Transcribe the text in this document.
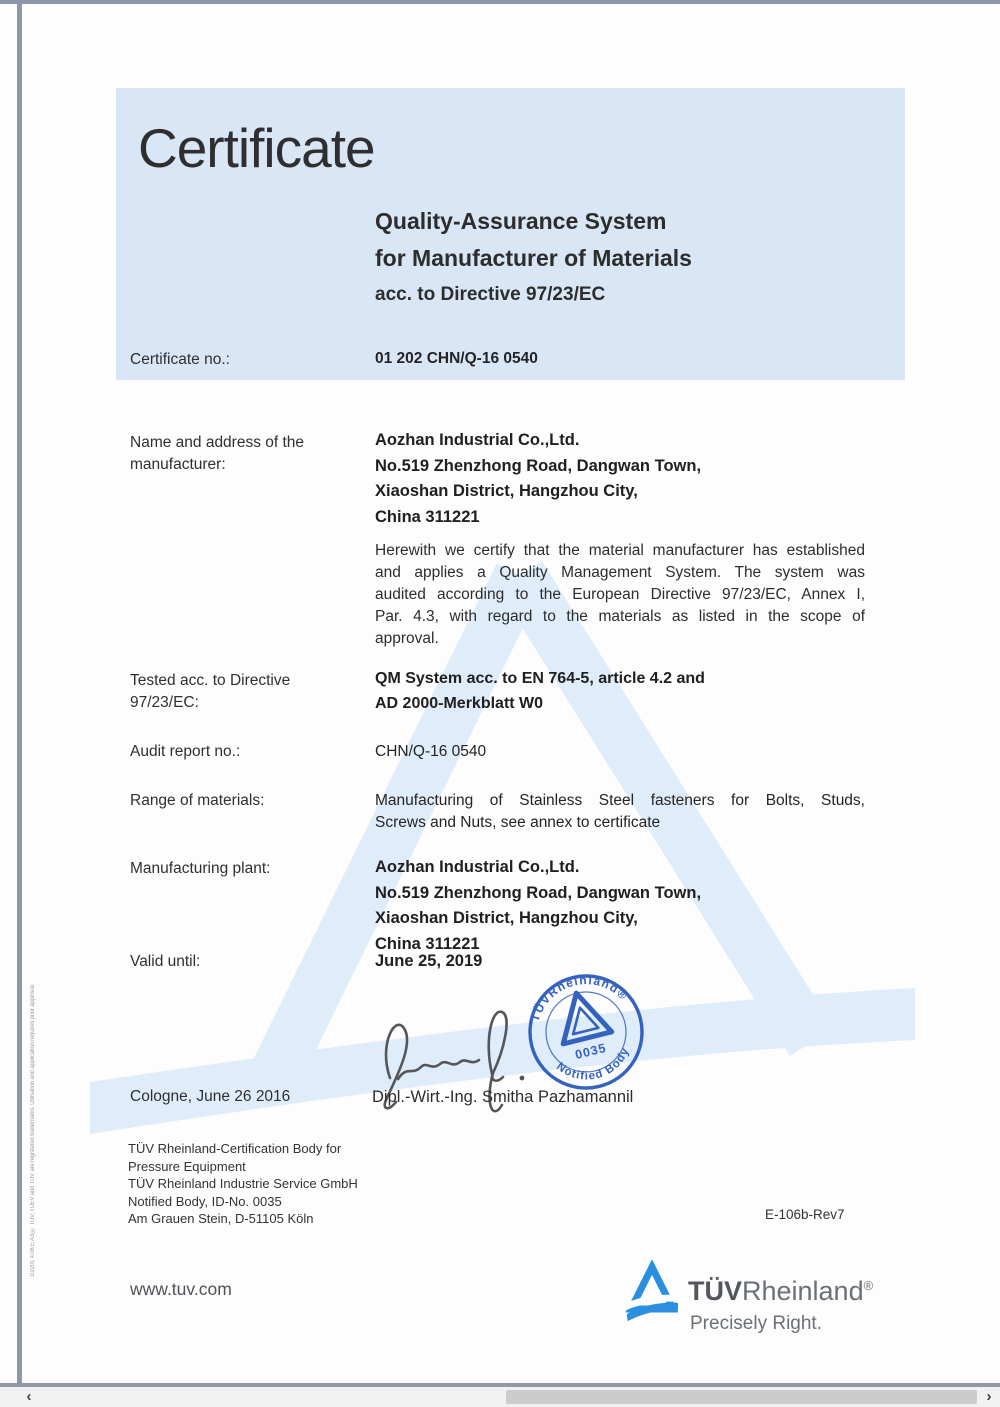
Certificate
Quality-Assurance System
for Manufacturer of Materials
acc. to Directive 97/23/EC
Certificate no.:	01 202 CHN/Q-16 0540
Name and address of the
manufacturer:
Aozhan Industrial Co.,Ltd.
No.519 Zhenzhong Road, Dangwan Town,
Xiaoshan District, Hangzhou City,
China 311221
Herewith we certify that the material manufacturer has established
and applies a Quality Management System. The system was
audited according to the European Directive 97/23/EC, Annex I,
Par. 4.3, with regard to the materials as listed in the scope of
approval.
Tested acc. to Directive
97/23/EC:
QM System acc. to EN 764-5, article 4.2 and
AD 2000-Merkblatt W0
Audit report no.:	CHN/Q-16 0540
Range of materials:	Manufacturing of Stainless Steel fasteners for Bolts, Studs,
Screws and Nuts, see annex to certificate
Manufacturing plant:	Aozhan Industrial Co.,Ltd.
No.519 Zhenzhong Road, Dangwan Town,
Xiaoshan District, Hangzhou City,
China 311221
Valid until:	June 25, 2019
TÜVRheinland®
Notified Body
0035
Cologne, June 26 2016	Dipl.-Wirt.-Ing. Smitha Pazhamannil
TÜV Rheinland-Certification Body for
Pressure Equipment
TÜV Rheinland Industrie Service GmbH
Notified Body, ID-No. 0035
Am Grauen Stein, D-51105 Köln	E-106b-Rev7
10/201 4.08 E A3 ® TÜV, TUEV and TUV are registered trademarks. Utilisation and application requires prior approval.
www.tuv.com	TÜVRheinland®
Precisely Right.
‹	›
